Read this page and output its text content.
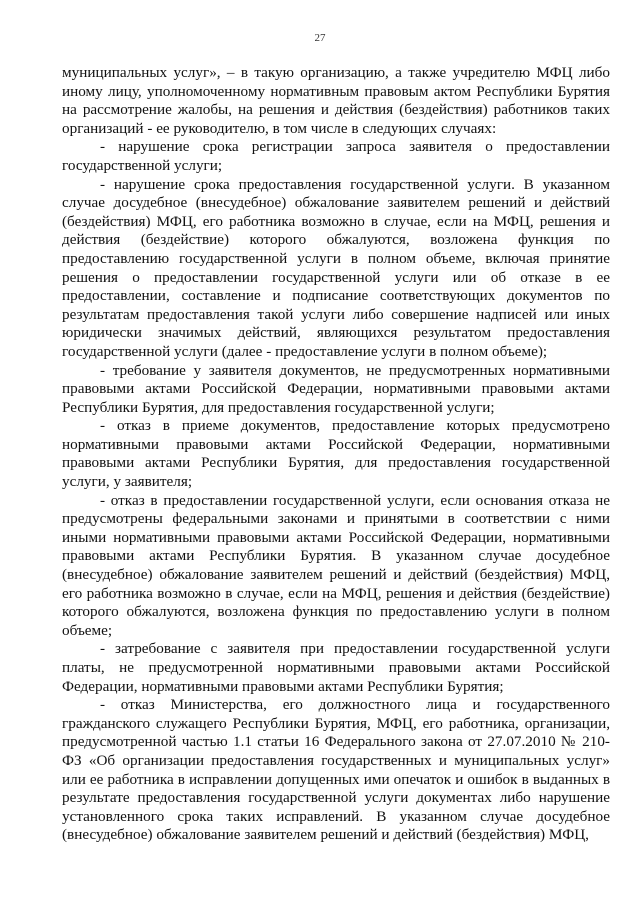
27

муниципальных услуг», – в такую организацию, а также учредителю МФЦ либо иному лицу, уполномоченному нормативным правовым актом Республики Бурятия на рассмотрение жалобы, на решения и действия (бездействия) работников таких организаций - ее руководителю, в том числе в следующих случаях:

- нарушение срока регистрации запроса заявителя о предоставлении государственной услуги;

- нарушение срока предоставления государственной услуги. В указанном случае досудебное (внесудебное) обжалование заявителем решений и действий (бездействия) МФЦ, его работника возможно в случае, если на МФЦ, решения и действия (бездействие) которого обжалуются, возложена функция по предоставлению государственной услуги в полном объеме, включая принятие решения о предоставлении государственной услуги или об отказе в ее предоставлении, составление и подписание соответствующих документов по результатам предоставления такой услуги либо совершение надписей или иных юридически значимых действий, являющихся результатом предоставления государственной услуги (далее - предоставление услуги в полном объеме);

- требование у заявителя документов, не предусмотренных нормативными правовыми актами Российской Федерации, нормативными правовыми актами Республики Бурятия, для предоставления государственной услуги;

- отказ в приеме документов, предоставление которых предусмотрено нормативными правовыми актами Российской Федерации, нормативными правовыми актами Республики Бурятия, для предоставления государственной услуги, у заявителя;

- отказ в предоставлении государственной услуги, если основания отказа не предусмотрены федеральными законами и принятыми в соответствии с ними иными нормативными правовыми актами Российской Федерации, нормативными правовыми актами Республики Бурятия. В указанном случае досудебное (внесудебное) обжалование заявителем решений и действий (бездействия) МФЦ, его работника возможно в случае, если на МФЦ, решения и действия (бездействие) которого обжалуются, возложена функция по предоставлению услуги в полном объеме;

- затребование с заявителя при предоставлении государственной услуги платы, не предусмотренной нормативными правовыми актами Российской Федерации, нормативными правовыми актами Республики Бурятия;

- отказ Министерства, его должностного лица и государственного гражданского служащего Республики Бурятия, МФЦ, его работника, организации, предусмотренной частью 1.1 статьи 16 Федерального закона от 27.07.2010 № 210-ФЗ «Об организации предоставления государственных и муниципальных услуг» или ее работника в исправлении допущенных ими опечаток и ошибок в выданных в результате предоставления государственной услуги документах либо нарушение установленного срока таких исправлений. В указанном случае досудебное (внесудебное) обжалование заявителем решений и действий (бездействия) МФЦ,
